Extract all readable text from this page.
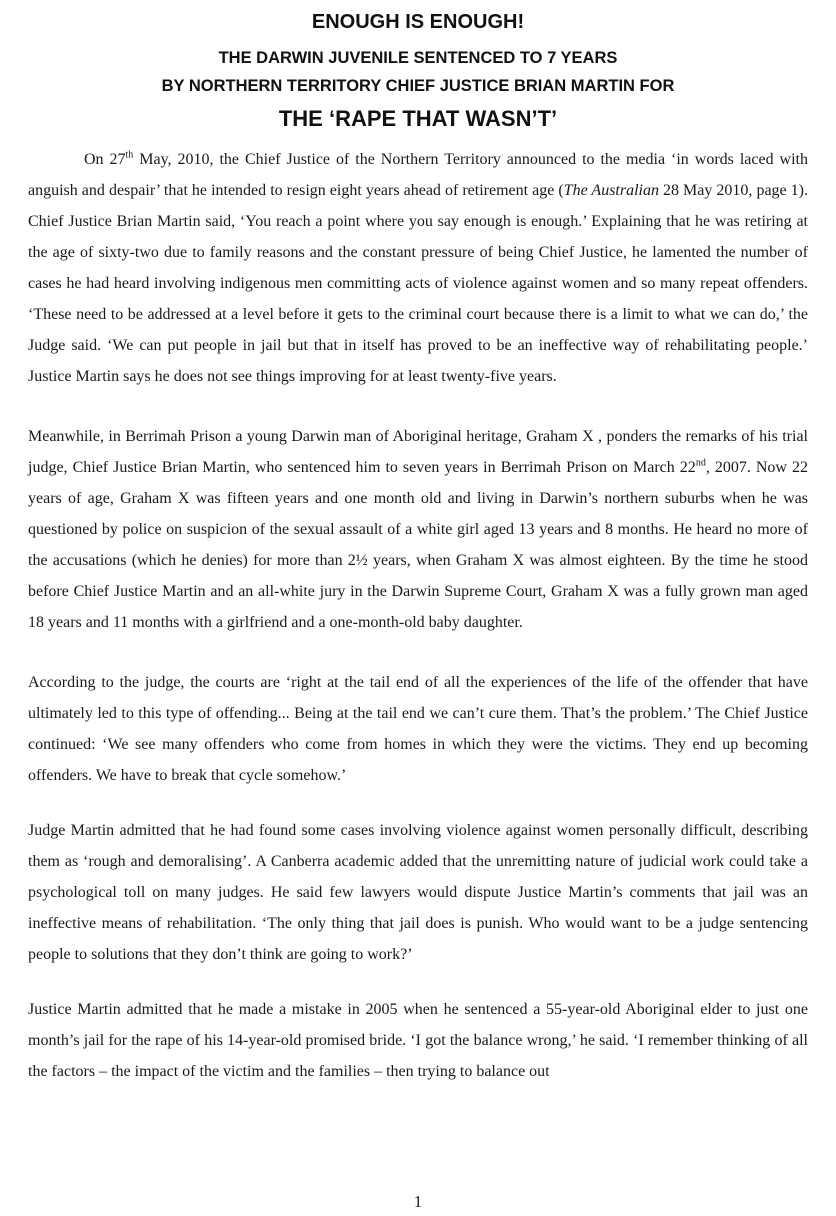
ENOUGH IS ENOUGH!
THE DARWIN JUVENILE SENTENCED TO 7 YEARS
BY NORTHERN TERRITORY CHIEF JUSTICE BRIAN MARTIN FOR
THE ‘RAPE THAT WASN’T’

On 27th May, 2010, the Chief Justice of the Northern Territory announced to the media ‘in words laced with anguish and despair’ that he intended to resign eight years ahead of retirement age (The Australian 28 May 2010, page 1). Chief Justice Brian Martin said, ‘You reach a point where you say enough is enough.’ Explaining that he was retiring at the age of sixty-two due to family reasons and the constant pressure of being Chief Justice, he lamented the number of cases he had heard involving indigenous men committing acts of violence against women and so many repeat offenders. ‘These need to be addressed at a level before it gets to the criminal court because there is a limit to what we can do,’ the Judge said. ‘We can put people in jail but that in itself has proved to be an ineffective way of rehabilitating people.’ Justice Martin says he does not see things improving for at least twenty-five years.

Meanwhile, in Berrimah Prison a young Darwin man of Aboriginal heritage, Graham X , ponders the remarks of his trial judge, Chief Justice Brian Martin, who sentenced him to seven years in Berrimah Prison on March 22nd, 2007. Now 22 years of age, Graham X was fifteen years and one month old and living in Darwin’s northern suburbs when he was questioned by police on suspicion of the sexual assault of a white girl aged 13 years and 8 months. He heard no more of the accusations (which he denies) for more than 2½ years, when Graham X was almost eighteen. By the time he stood before Chief Justice Martin and an all-white jury in the Darwin Supreme Court, Graham X was a fully grown man aged 18 years and 11 months with a girlfriend and a one-month-old baby daughter.

According to the judge, the courts are ‘right at the tail end of all the experiences of the life of the offender that have ultimately led to this type of offending... Being at the tail end we can’t cure them. That’s the problem.’ The Chief Justice continued: ‘We see many offenders who come from homes in which they were the victims. They end up becoming offenders. We have to break that cycle somehow.’

Judge Martin admitted that he had found some cases involving violence against women personally difficult, describing them as ‘rough and demoralising’. A Canberra academic added that the unremitting nature of judicial work could take a psychological toll on many judges. He said few lawyers would dispute Justice Martin’s comments that jail was an ineffective means of rehabilitation. ‘The only thing that jail does is punish. Who would want to be a judge sentencing people to solutions that they don’t think are going to work?’

Justice Martin admitted that he made a mistake in 2005 when he sentenced a 55-year-old Aboriginal elder to just one month’s jail for the rape of his 14-year-old promised bride. ‘I got the balance wrong,’ he said. ‘I remember thinking of all the factors – the impact of the victim and the families – then trying to balance out

1
